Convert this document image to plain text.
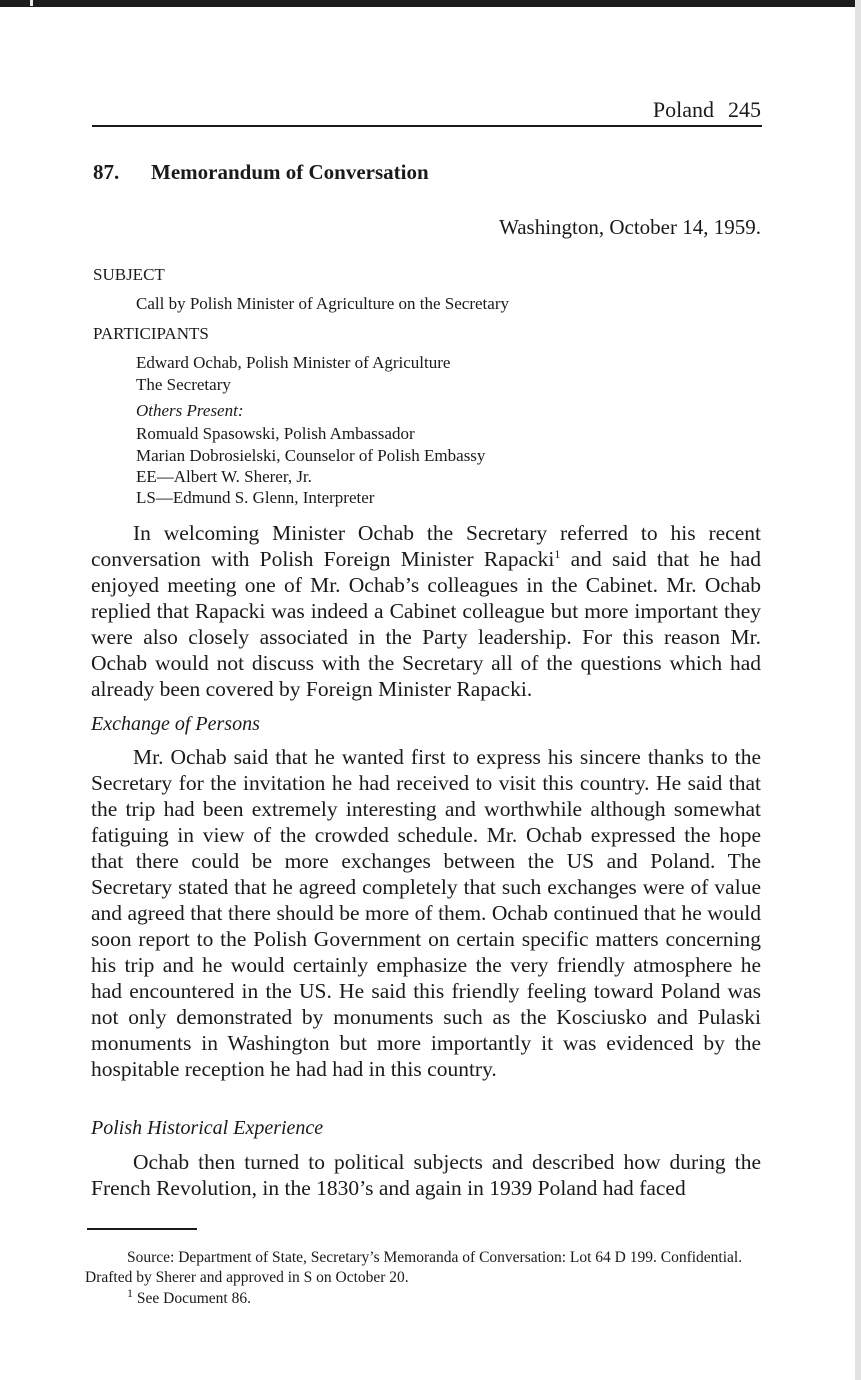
Poland 245
87. Memorandum of Conversation
Washington, October 14, 1959.
SUBJECT
Call by Polish Minister of Agriculture on the Secretary
PARTICIPANTS
Edward Ochab, Polish Minister of Agriculture
The Secretary
Others Present:
Romuald Spasowski, Polish Ambassador
Marian Dobrosielski, Counselor of Polish Embassy
EE—Albert W. Sherer, Jr.
LS—Edmund S. Glenn, Interpreter

In welcoming Minister Ochab the Secretary referred to his recent conversation with Polish Foreign Minister Rapacki$^1$ and said that he had enjoyed meeting one of Mr. Ochab’s colleagues in the Cabinet. Mr. Ochab replied that Rapacki was indeed a Cabinet colleague but more important they were also closely associated in the Party leadership. For this reason Mr. Ochab would not discuss with the Secretary all of the questions which had already been covered by Foreign Minister Rapacki.

Exchange of Persons

Mr. Ochab said that he wanted first to express his sincere thanks to the Secretary for the invitation he had received to visit this country. He said that the trip had been extremely interesting and worthwhile although somewhat fatiguing in view of the crowded schedule. Mr. Ochab expressed the hope that there could be more exchanges between the US and Poland. The Secretary stated that he agreed completely that such exchanges were of value and agreed that there should be more of them. Ochab continued that he would soon report to the Polish Government on certain specific matters concerning his trip and he would certainly emphasize the very friendly atmosphere he had encountered in the US. He said this friendly feeling toward Poland was not only demonstrated by monuments such as the Kosciusko and Pulaski monuments in Washington but more importantly it was evidenced by the hospitable reception he had had in this country.

Polish Historical Experience

Ochab then turned to political subjects and described how during the French Revolution, in the 1830’s and again in 1939 Poland had faced

Source: Department of State, Secretary’s Memoranda of Conversation: Lot 64 D 199. Confidential. Drafted by Sherer and approved in S on October 20.

$^1$ See Document 86.
